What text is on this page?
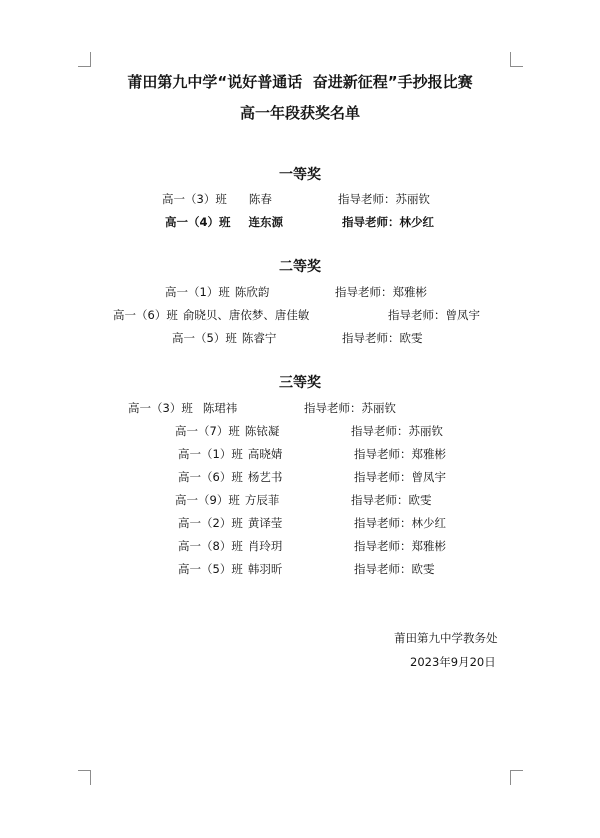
莆田第九中学“说好普通话  奋进新征程”手抄报比赛
高一年段获奖名单
一等奖
高一（3）班 陈春	指导老师：苏丽钦
高一（4）班 连东源	指导老师：林少红
二等奖
高一（1）班 陈欣韵	指导老师：郑雅彬
高一（6）班 俞晓贝、唐依梦、唐佳敏	指导老师：曾凤宇
高一（5）班 陈睿宁	指导老师：欧雯
三等奖
高一（3）班 陈珺祎	指导老师：苏丽钦
高一（7）班 陈铱凝	指导老师：苏丽钦
高一（1）班 高晓婧	指导老师：郑雅彬
高一（6）班 杨艺书	指导老师：曾凤宇
高一（9）班 方辰菲	指导老师：欧雯
高一（2）班 黄译莹	指导老师：林少红
高一（8）班 肖玲玥	指导老师：郑雅彬
高一（5）班 韩羽昕	指导老师：欧雯
莆田第九中学教务处
2023年9月20日
